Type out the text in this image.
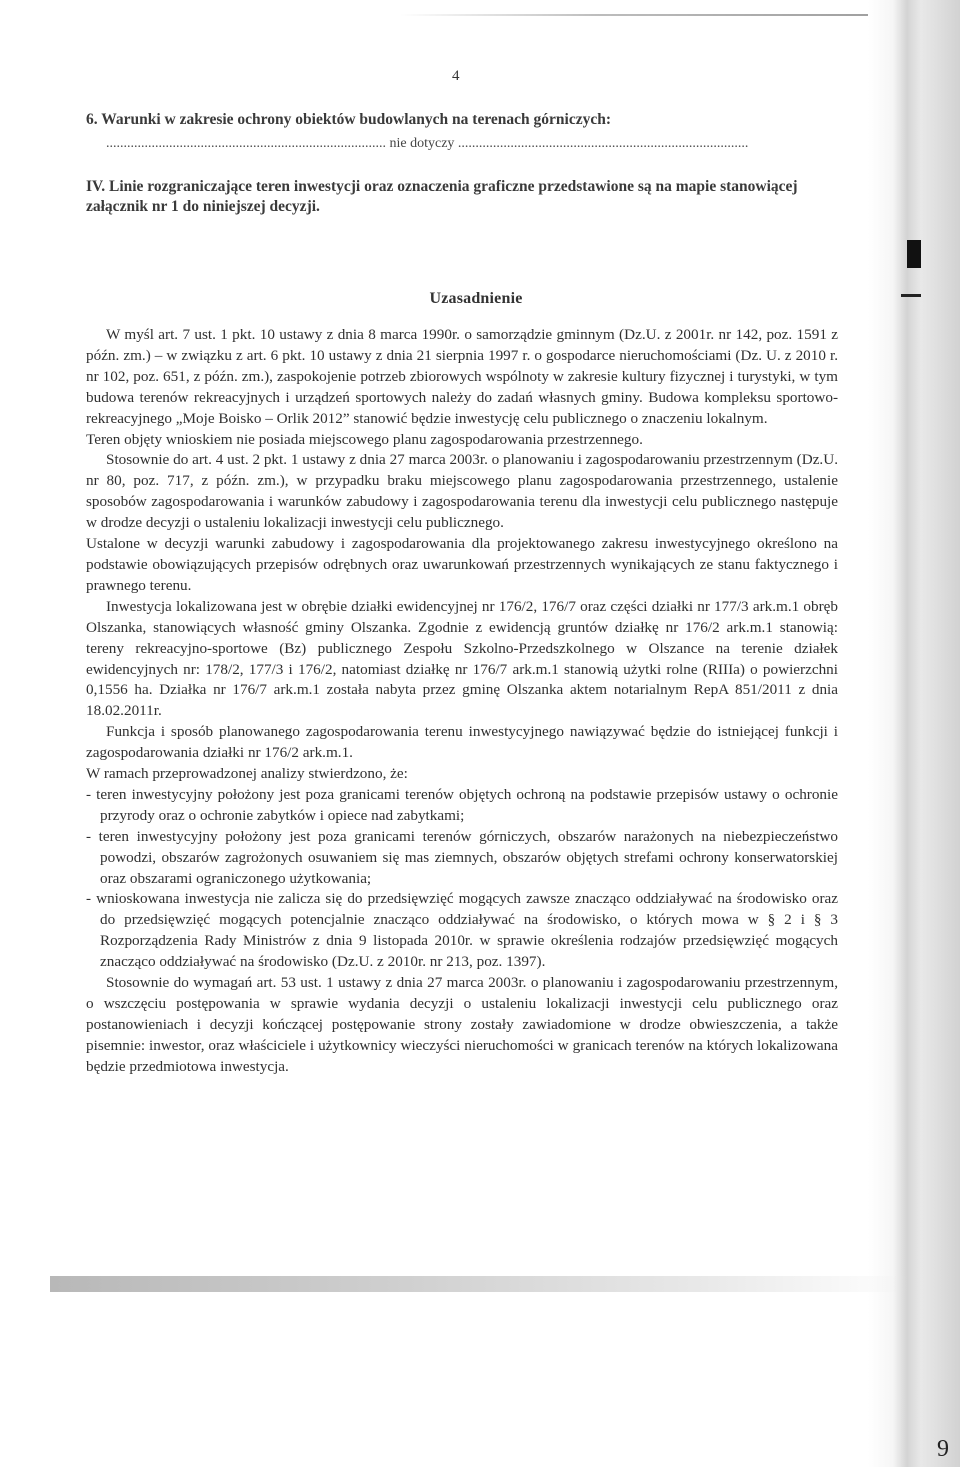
9
4
6. Warunki w zakresie ochrony obiektów budowlanych na terenach górniczych:
................................................................................ nie dotyczy ...................................................................................
IV. Linie rozgraniczające teren inwestycji oraz oznaczenia graficzne przedstawione są na mapie stanowiącej załącznik nr 1 do niniejszej decyzji.
Uzasadnienie

W myśl art. 7 ust. 1 pkt. 10 ustawy z dnia 8 marca 1990r. o samorządzie gminnym (Dz.U. z 2001r. nr 142, poz. 1591 z późn. zm.) – w związku z art. 6 pkt. 10 ustawy z dnia 21 sierpnia 1997 r. o gospodarce nieruchomościami (Dz. U. z 2010 r. nr 102, poz. 651, z późn. zm.), zaspokojenie potrzeb zbiorowych wspólnoty w zakresie kultury fizycznej i turystyki, w tym budowa terenów rekreacyjnych i urządzeń sportowych należy do zadań własnych gminy. Budowa kompleksu sportowo-rekreacyjnego „Moje Boisko – Orlik 2012” stanowić będzie inwestycję celu publicznego o znaczeniu lokalnym.

Teren objęty wnioskiem nie posiada miejscowego planu zagospodarowania przestrzennego.

Stosownie do art. 4 ust. 2 pkt. 1 ustawy z dnia 27 marca 2003r. o planowaniu i zagospodarowaniu przestrzennym (Dz.U. nr 80, poz. 717, z późn. zm.), w przypadku braku miejscowego planu zagospodarowania przestrzennego, ustalenie sposobów zagospodarowania i warunków zabudowy i zagospodarowania terenu dla inwestycji celu publicznego następuje w drodze decyzji o ustaleniu lokalizacji inwestycji celu publicznego.

Ustalone w decyzji warunki zabudowy i zagospodarowania dla projektowanego zakresu inwestycyjnego określono na podstawie obowiązujących przepisów odrębnych oraz uwarunkowań przestrzennych wynikających ze stanu faktycznego i prawnego terenu.

Inwestycja lokalizowana jest w obrębie działki ewidencyjnej nr 176/2, 176/7 oraz części działki nr 177/3 ark.m.1 obręb Olszanka, stanowiących własność gminy Olszanka. Zgodnie z ewidencją gruntów działkę nr 176/2 ark.m.1 stanowią: tereny rekreacyjno-sportowe (Bz) publicznego Zespołu Szkolno-Przedszkolnego w Olszance na terenie działek ewidencyjnych nr: 178/2, 177/3 i 176/2, natomiast działkę nr 176/7 ark.m.1 stanowią użytki rolne (RIIIa) o powierzchni 0,1556 ha. Działka nr 176/7 ark.m.1 została nabyta przez gminę Olszanka aktem notarialnym RepA 851/2011 z dnia 18.02.2011r.

Funkcja i sposób planowanego zagospodarowania terenu inwestycyjnego nawiązywać będzie do istniejącej funkcji i zagospodarowania działki nr 176/2 ark.m.1.

W ramach przeprowadzonej analizy stwierdzono, że:

- teren inwestycyjny położony jest poza granicami terenów objętych ochroną na podstawie przepisów ustawy o ochronie przyrody oraz o ochronie zabytków i opiece nad zabytkami;

- teren inwestycyjny położony jest poza granicami terenów górniczych, obszarów narażonych na niebezpieczeństwo powodzi, obszarów zagrożonych osuwaniem się mas ziemnych, obszarów objętych strefami ochrony konserwatorskiej oraz obszarami ograniczonego użytkowania;

- wnioskowana inwestycja nie zalicza się do przedsięwzięć mogących zawsze znacząco oddziaływać na środowisko oraz do przedsięwzięć mogących potencjalnie znacząco oddziaływać na środowisko, o których mowa w § 2 i § 3 Rozporządzenia Rady Ministrów z dnia 9 listopada 2010r. w sprawie określenia rodzajów przedsięwzięć mogących znacząco oddziaływać na środowisko (Dz.U. z 2010r. nr 213, poz. 1397).

Stosownie do wymagań art. 53 ust. 1 ustawy z dnia 27 marca 2003r. o planowaniu i zagospodarowaniu przestrzennym, o wszczęciu postępowania w sprawie wydania decyzji o ustaleniu lokalizacji inwestycji celu publicznego oraz postanowieniach i decyzji kończącej postępowanie strony zostały zawiadomione w drodze obwieszczenia, a także pisemnie: inwestor, oraz właściciele i użytkownicy wieczyści nieruchomości w granicach terenów na których lokalizowana będzie przedmiotowa inwestycja.
